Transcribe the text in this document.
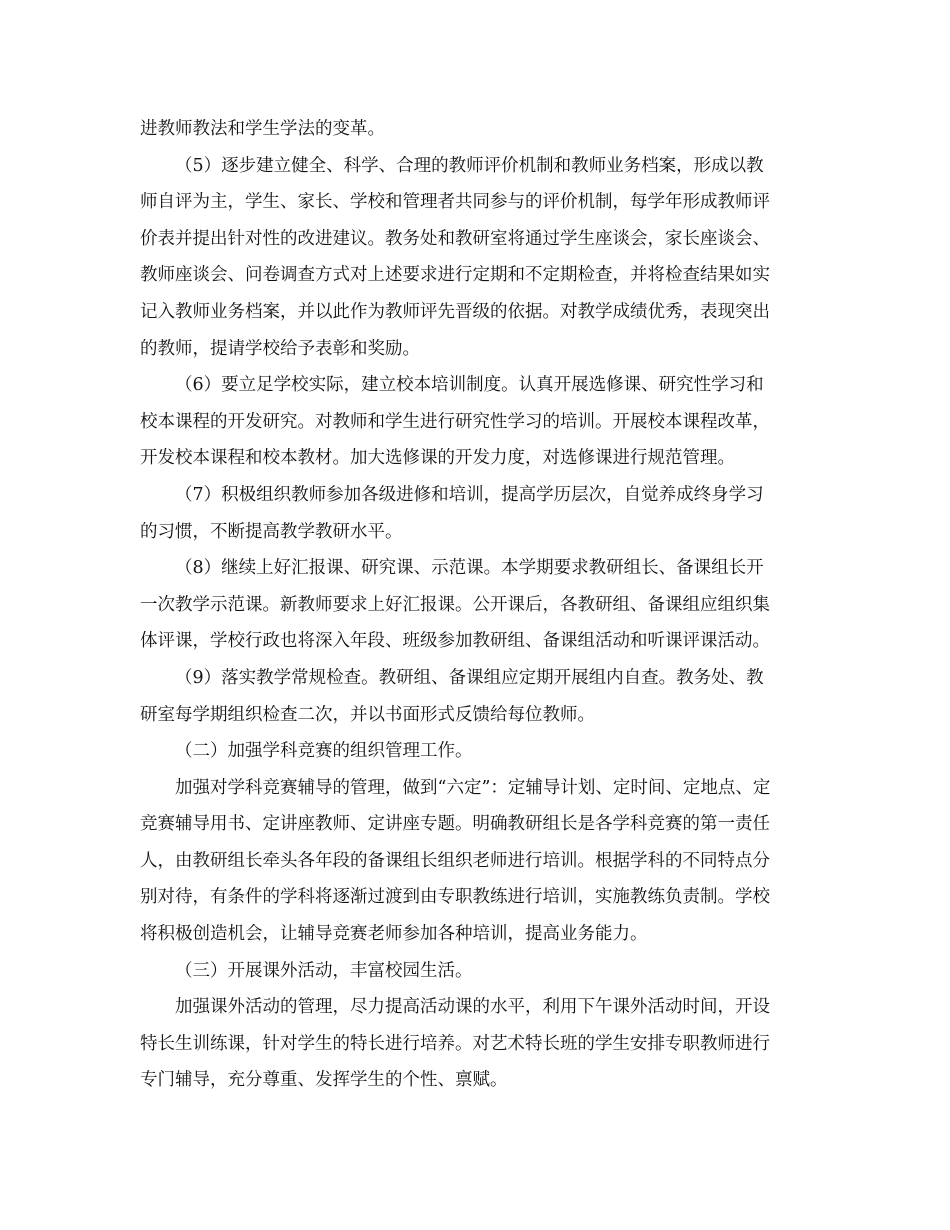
进教师教法和学生学法的变革。
（5）逐步建立健全、科学、合理的教师评价机制和教师业务档案，形成以教
师自评为主，学生、家长、学校和管理者共同参与的评价机制，每学年形成教师评
价表并提出针对性的改进建议。教务处和教研室将通过学生座谈会，家长座谈会、
教师座谈会、问卷调查方式对上述要求进行定期和不定期检查，并将检查结果如实
记入教师业务档案，并以此作为教师评先晋级的依据。对教学成绩优秀，表现突出
的教师，提请学校给予表彰和奖励。
（6）要立足学校实际，建立校本培训制度。认真开展选修课、研究性学习和
校本课程的开发研究。对教师和学生进行研究性学习的培训。开展校本课程改革，
开发校本课程和校本教材。加大选修课的开发力度，对选修课进行规范管理。
（7）积极组织教师参加各级进修和培训，提高学历层次，自觉养成终身学习
的习惯，不断提高教学教研水平。
（8）继续上好汇报课、研究课、示范课。本学期要求教研组长、备课组长开
一次教学示范课。新教师要求上好汇报课。公开课后，各教研组、备课组应组织集
体评课，学校行政也将深入年段、班级参加教研组、备课组活动和听课评课活动。
（9）落实教学常规检查。教研组、备课组应定期开展组内自查。教务处、教
研室每学期组织检查二次，并以书面形式反馈给每位教师。
（二）加强学科竞赛的组织管理工作。
加强对学科竞赛辅导的管理，做到“六定”：定辅导计划、定时间、定地点、定
竞赛辅导用书、定讲座教师、定讲座专题。明确教研组长是各学科竞赛的第一责任
人，由教研组长牵头各年段的备课组长组织老师进行培训。根据学科的不同特点分
别对待，有条件的学科将逐渐过渡到由专职教练进行培训，实施教练负责制。学校
将积极创造机会，让辅导竞赛老师参加各种培训，提高业务能力。
（三）开展课外活动，丰富校园生活。
加强课外活动的管理，尽力提高活动课的水平，利用下午课外活动时间，开设
特长生训练课，针对学生的特长进行培养。对艺术特长班的学生安排专职教师进行
专门辅导，充分尊重、发挥学生的个性、禀赋。
